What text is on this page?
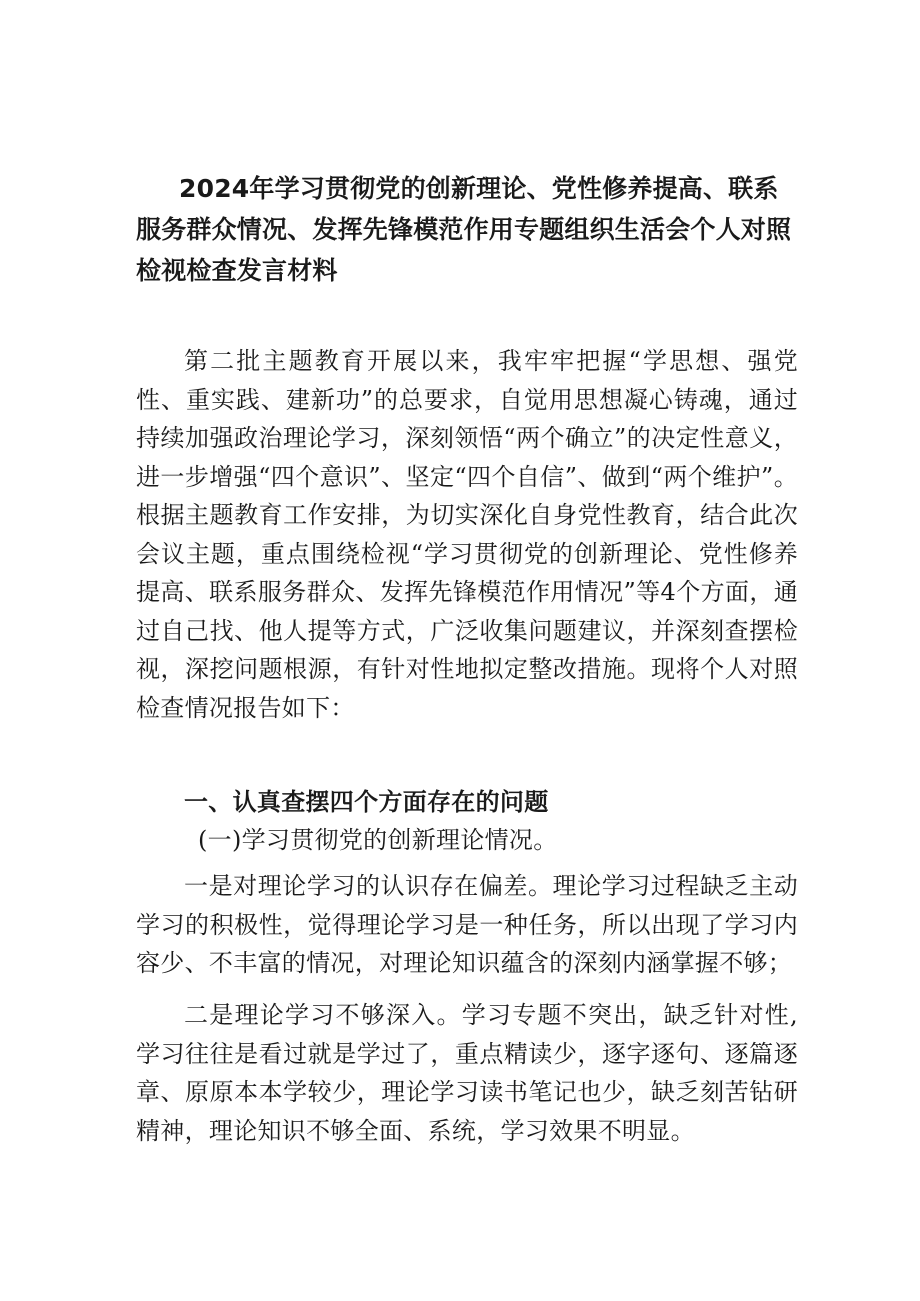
2024年学习贯彻党的创新理论、党性修养提高、联系服务群众情况、发挥先锋模范作用专题组织生活会个人对照检视检查发言材料

第二批主题教育开展以来，我牢牢把握“学思想、强党性、重实践、建新功”的总要求，自觉用思想凝心铸魂，通过持续加强政治理论学习，深刻领悟“两个确立”的决定性意义，进一步增强“四个意识”、坚定“四个自信”、做到“两个维护”。根据主题教育工作安排，为切实深化自身党性教育，结合此次会议主题，重点围绕检视“学习贯彻党的创新理论、党性修养提高、联系服务群众、发挥先锋模范作用情况”等4个方面，通过自己找、他人提等方式，广泛收集问题建议，并深刻查摆检视，深挖问题根源，有针对性地拟定整改措施。现将个人对照检查情况报告如下：

一、认真查摆四个方面存在的问题

(一)学习贯彻党的创新理论情况。

一是对理论学习的认识存在偏差。理论学习过程缺乏主动学习的积极性，觉得理论学习是一种任务，所以出现了学习内容少、不丰富的情况，对理论知识蕴含的深刻内涵掌握不够；

二是理论学习不够深入。学习专题不突出，缺乏针对性,学习往往是看过就是学过了，重点精读少，逐字逐句、逐篇逐章、原原本本学较少，理论学习读书笔记也少，缺乏刻苦钻研精神，理论知识不够全面、系统，学习效果不明显。
